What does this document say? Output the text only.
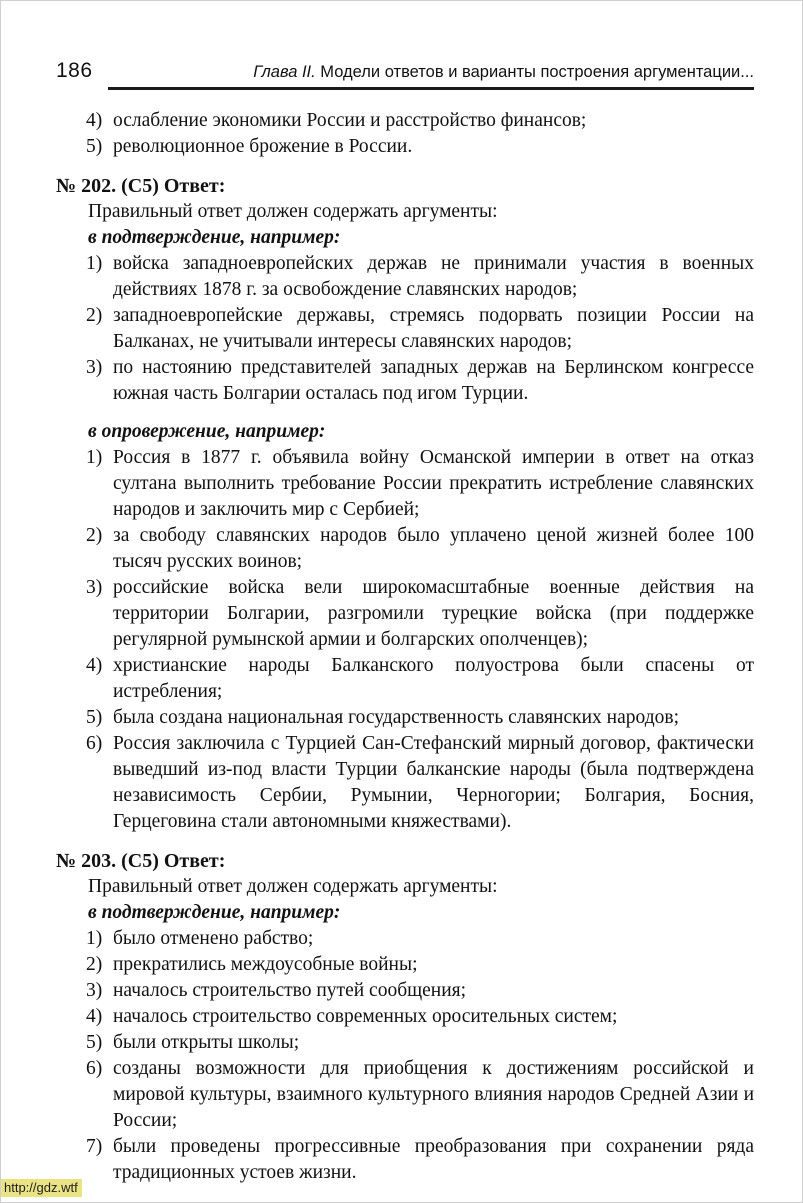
186	Глава II. Модели ответов и варианты построения аргументации...
4) ослабление экономики России и расстройство финансов;
5) революционное брожение в России.
№ 202. (С5) Ответ:
Правильный ответ должен содержать аргументы:
в подтверждение, например:
1) войска западноевропейских держав не принимали участия в военных действиях 1878 г. за освобождение славянских народов;
2) западноевропейские державы, стремясь подорвать позиции России на Балканах, не учитывали интересы славянских народов;
3) по настоянию представителей западных держав на Берлинском конгрессе южная часть Болгарии осталась под игом Турции.
в опровержение, например:
1) Россия в 1877 г. объявила войну Османской империи в ответ на отказ султана выполнить требование России прекратить истребление славянских народов и заключить мир с Сербией;
2) за свободу славянских народов было уплачено ценой жизней более 100 тысяч русских воинов;
3) российские войска вели широкомасштабные военные действия на территории Болгарии, разгромили турецкие войска (при поддержке регулярной румынской армии и болгарских ополченцев);
4) христианские народы Балканского полуострова были спасены от истребления;
5) была создана национальная государственность славянских народов;
6) Россия заключила с Турцией Сан-Стефанский мирный договор, фактически выведший из-под власти Турции балканские народы (была подтверждена независимость Сербии, Румынии, Черногории; Болгария, Босния, Герцеговина стали автономными княжествами).
№ 203. (С5) Ответ:
Правильный ответ должен содержать аргументы:
в подтверждение, например:
1) было отменено рабство;
2) прекратились междоусобные войны;
3) началось строительство путей сообщения;
4) началось строительство современных оросительных систем;
5) были открыты школы;
6) созданы возможности для приобщения к достижениям российской и мировой культуры, взаимного культурного влияния народов Средней Азии и России;
7) были проведены прогрессивные преобразования при сохранении ряда традиционных устоев жизни.
http://gdz.wtf
